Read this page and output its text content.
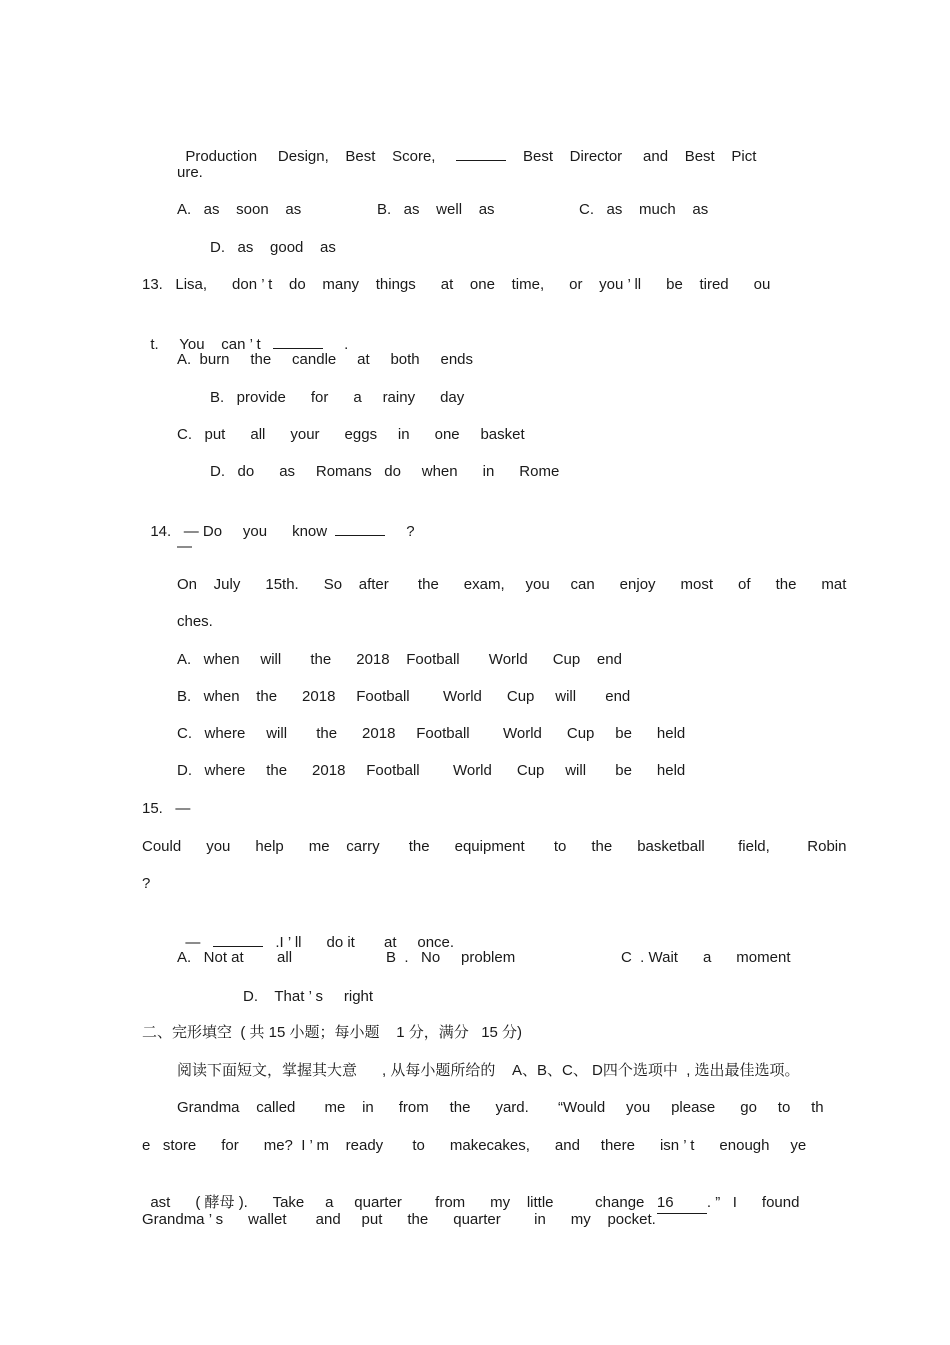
Production     Design,    Best    Score,	Best    Director     and    Best    Pict

ure.
A.   as    soon    as	B.   as    well    as	C.   as    much    as
D.   as    good    as
13.   Lisa,      don ’ t    do    many    things      at    one    time,      or    you ’ ll      be    tired      ou

t.     You    can ’ t	.

A.  burn     the     candle     at     both     ends
B.   provide      for      a     rainy      day
C.   put      all      your      eggs     in      one     basket
D.   do      as     Romans   do     when      in      Rome

14.   — Do     you      know	?

—
On    July      15th.      So    after       the      exam,     you     can      enjoy      most      of      the      mat
ches.
A.   when     will       the      2018    Football       World      Cup    end
B.   when    the      2018     Football        World      Cup     will       end
C.   where     will       the      2018     Football        World      Cup     be      held
D.   where     the      2018     Football        World      Cup     will       be      held
15.   —
Could      you      help      me    carry       the      equipment       to      the      basketball        field,         Robin
?

—	.I ’ ll      do it       at     once.

A.   Not at        all	B  .   No     problem	C  . Wait      a      moment
D.    That ’ s     right
二、完形填空  ( 共 15 小题；每小题    1 分，满分   15 分)
阅读下面短文，掌握其大意      , 从每小题所给的    A、B、C、 D四个选项中  , 选出最佳选项。
Grandma    called       me    in      from     the      yard.       “Would     you     please      go     to     th
e   store      for      me?  I ’ m    ready       to      makecakes,      and     there      isn ’ t      enough     ye

ast      ( 酵母 ).      Take     a     quarter        from      my    little          change 16 . ”   I      found

Grandma ’ s      wallet       and     put      the      quarter        in      my    pocket.
